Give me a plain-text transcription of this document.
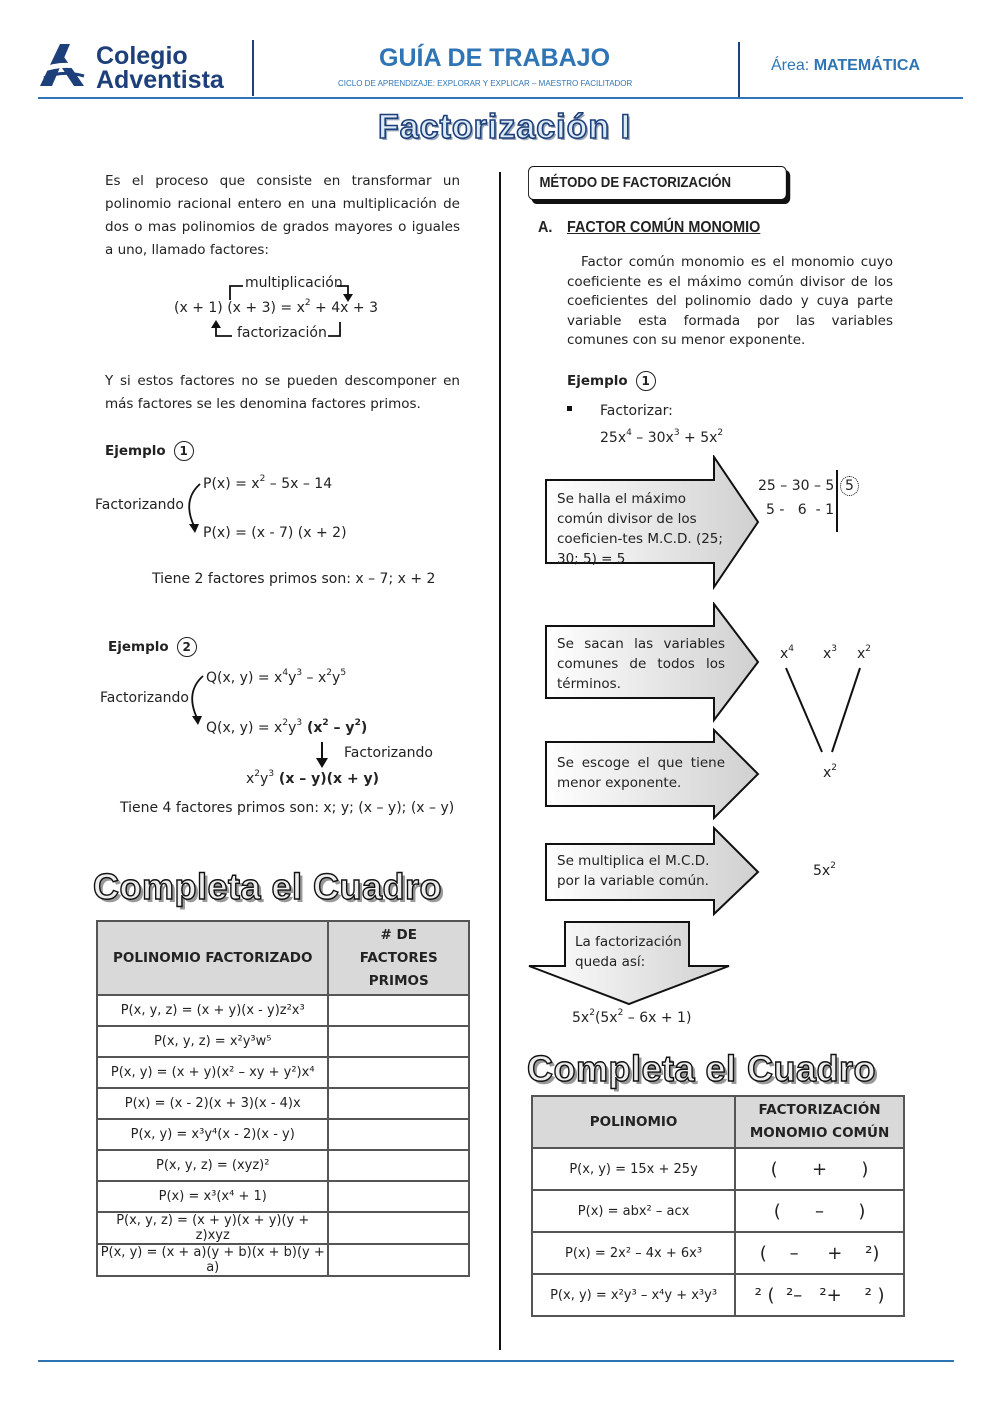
Colegio
Adventista
GUÍA DE TRABAJO
CICLO DE APRENDIZAJE: EXPLORAR Y EXPLICAR – MAESTRO FACILITADOR
Área: MATEMÁTICA
Factorización I
Es el proceso que consiste en transformar un polinomio racional entero en una multiplicación de dos o mas polinomios de grados mayores o iguales a uno, llamado factores:
multiplicación
(x + 1) $(x + 3) = x^2 + 4x + 3$
factorización
Y si estos factores no se pueden descomponer en más factores se les denomina factores primos.
Ejemplo 1
Factorizando
$P(x) = x^2 - 5x - 14$
P(x) = (x - 7) (x + 2)
Tiene 2 factores primos son: x – 7; x + 2
Ejemplo 2
Factorizando
Q(x, $y) = x^4y^3 - x^2y^5$
Q(x, $y) = x^2y^3$ $(x^2 - y^2)$
Factorizando
$x^2y^3$ (x – y)(x + y)
Tiene 4 factores primos son: x; y; (x – y); (x – y)
Completa el Cuadro
POLINOMIO FACTORIZADO	# DE FACTORES PRIMOS
P(x, y, z) = (x + y)(x - y)z²x³	
P(x, y, z) = x²y³w⁵	
P(x, y) = (x + y)(x² – xy + y²)x⁴	
P(x) = (x - 2)(x + 3)(x - 4)x	
P(x, y) = x³y⁴(x - 2)(x - y)	
P(x, y, z) = (xyz)²	
P(x) = x³(x⁴ + 1)	
P(x, y, z) = (x + y)(x + y)(y + z)xyz	
P(x, y) = (x + a)(y + b)(x + b)(y + a)	
MÉTODO DE FACTORIZACIÓN
A. FACTOR COMÚN MONOMIO
Factor común monomio es el monomio cuyo coeficiente es el máximo común divisor de los coeficientes del polinomio dado y cuya parte variable esta formada por las variables comunes con su menor exponente.
Ejemplo 1
Factorizar:
$25x^4 - 30x^3 + 5x^2$
Se halla el máximo común divisor de los coeficien-tes M.C.D. (25; 30; 5) = 5
Se sacan las variables comunes de todos los términos.
Se escoge el que tiene menor exponente.
Se multiplica el M.C.D. por la variable común.
25 – 30 – 5 5
5 -   6  - 1
$x^4$ $x^3$ $x^2$
$x^2$
$5x^2$
La factorización queda así:
$5x^2(5x^2 - 6x + 1)$
Completa el Cuadro
POLINOMIO	FACTORIZACIÓN MONOMIO COMÚN
P(x, y) = 15x + 25y	(      +      )
P(x) = abx² – acx	(      –      )
P(x) = 2x² – 4x + 6x³	(    –     +    ²)
P(x, y) = x²y³ – x⁴y + x³y³	² (  ²–   ²+    ² )
